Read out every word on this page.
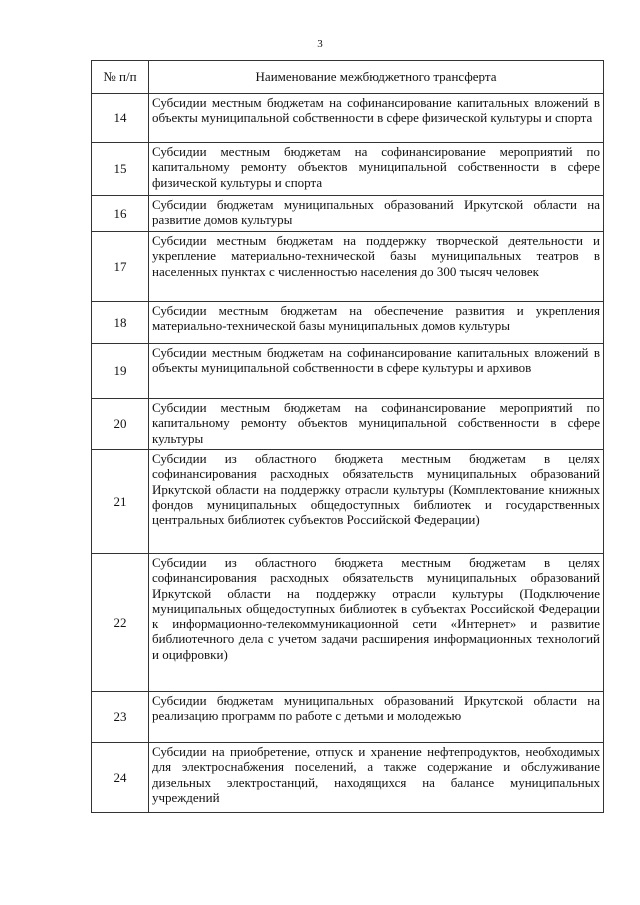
3
№ п/п	Наименование межбюджетного трансферта
14	Субсидии местным бюджетам на софинансирование капитальных вложений в объекты муниципальной собственности в сфере физической культуры и спорта
15	Субсидии местным бюджетам на софинансирование мероприятий по капитальному ремонту объектов муниципальной собственности в сфере физической культуры и спорта
16	Субсидии бюджетам муниципальных образований Иркутской области на развитие домов культуры
17	Субсидии местным бюджетам на поддержку творческой деятельности и укрепление материально-технической базы муниципальных театров в населенных пунктах с численностью населения до 300 тысяч человек
18	Субсидии местным бюджетам на обеспечение развития и укрепления материально-технической базы муниципальных домов культуры
19	Субсидии местным бюджетам на софинансирование капитальных вложений в объекты муниципальной собственности в сфере культуры и архивов
20	Субсидии местным бюджетам на софинансирование мероприятий по капитальному ремонту объектов муниципальной собственности в сфере культуры
21	Субсидии из областного бюджета местным бюджетам в целях софинансирования расходных обязательств муниципальных образований Иркутской области на поддержку отрасли культуры (Комплектование книжных фондов муниципальных общедоступных библиотек и государственных центральных библиотек субъектов Российской Федерации)
22	Субсидии из областного бюджета местным бюджетам в целях софинансирования расходных обязательств муниципальных образований Иркутской области на поддержку отрасли культуры (Подключение муниципальных общедоступных библиотек в субъектах Российской Федерации к информационно-телекоммуникационной сети «Интернет» и развитие библиотечного дела с учетом задачи расширения информационных технологий и оцифровки)
23	Субсидии бюджетам муниципальных образований Иркутской области на реализацию программ по работе с детьми и молодежью
24	Субсидии на приобретение, отпуск и хранение нефтепродуктов, необходимых для электроснабжения поселений, а также содержание и обслуживание дизельных электростанций, находящихся на балансе муниципальных учреждений
